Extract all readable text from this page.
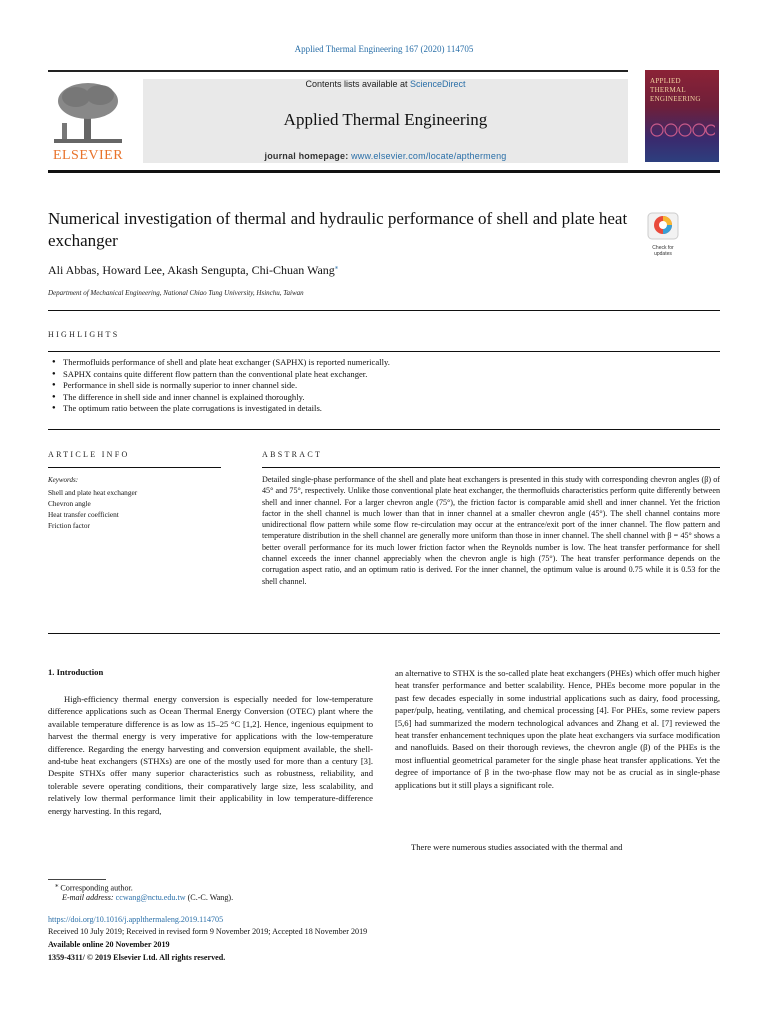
Applied Thermal Engineering 167 (2020) 114705
ELSEVIER
Contents lists available at ScienceDirect
Applied Thermal Engineering
journal homepage: www.elsevier.com/locate/apthermeng
APPLIED
THERMAL
ENGINEERING
Numerical investigation of thermal and hydraulic performance of shell and plate heat exchanger	Check for updates
Ali Abbas, Howard Lee, Akash Sengupta, Chi-Chuan Wang⁎
Department of Mechanical Engineering, National Chiao Tung University, Hsinchu, Taiwan
HIGHLIGHTS
● Thermofluids performance of shell and plate heat exchanger (SAPHX) is reported numerically.
● SAPHX contains quite different flow pattern than the conventional plate heat exchanger.
● Performance in shell side is normally superior to inner channel side.
● The difference in shell side and inner channel is explained thoroughly.
● The optimum ratio between the plate corrugations is investigated in details.
ARTICLE INFO
Keywords:
Shell and plate heat exchanger
Chevron angle
Heat transfer coefficient
Friction factor
ABSTRACT

Detailed single-phase performance of the shell and plate heat exchangers is presented in this study with corresponding chevron angles (β) of 45° and 75°, respectively. Unlike those conventional plate heat exchanger, the thermofluids characteristics perform quite differently between shell and inner channel. For a larger chevron angle (75°), the friction factor is comparable amid shell and inner channel. Yet the friction factor in the shell channel is much lower than that in inner channel at a smaller chevron angle (45°). The shell channel contains more unidirectional flow pattern while some flow re-circulation may occur at the entrance/exit port of the inner channel. The flow pattern and temperature distribution in the shell channel are generally more uniform than those in inner channel. The shell channel with β = 45° shows a better overall performance for its much lower friction factor when the Reynolds number is low. The heat transfer performance for shell channel exceeds the inner channel appreciably when the chevron angle is high (75°). The heat transfer performance depends on the corrugation aspect ratio, and an optimum ratio is derived. For the inner channel, the optimum value is around 0.75 while it is 0.53 for the shell channel.

1. Introduction

High-efficiency thermal energy conversion is especially needed for low-temperature difference applications such as Ocean Thermal Energy Conversion (OTEC) plant where the available temperature difference is as low as 15–25 °C [1,2]. Hence, ingenious equipment to harvest the thermal energy is very imperative for applications with the low-temperature difference. Regarding the energy harvesting and conversion equipment available, the shell-and-tube heat exchangers (STHXs) are one of the mostly used for more than a century [3]. Despite STHXs offer many superior characteristics such as robustness, reliability, and tolerable severe operating conditions, their comparatively large size, less scalability, and relatively low thermal performance limit their applicability in low temperature-difference energy harvesting. In this regard,

an alternative to STHX is the so-called plate heat exchangers (PHEs) which offer much higher heat transfer performance and better scalability. Hence, PHEs become more popular in the past few decades especially in some industrial applications such as dairy, food processing, paper/pulp, heating, ventilating, and chemical processing [4]. For PHEs, some review papers [5,6] had summarized the modern technological advances and Zhang et al. [7] reviewed the heat transfer enhancement techniques upon the plate heat exchangers via surface modification and nanofluids. Based on their thorough reviews, the chevron angle (β) of the PHEs is the most influential geometrical parameter for the single phase heat transfer applications. Yet the degree of importance of β in the two-phase flow may not be as crucial as in single-phase applications but it still plays a significant role.

There were numerous studies associated with the thermal and

⁎ Corresponding author.
E-mail address: ccwang@nctu.edu.tw (C.-C. Wang).
https://doi.org/10.1016/j.applthermaleng.2019.114705
Received 10 July 2019; Received in revised form 9 November 2019; Accepted 18 November 2019
Available online 20 November 2019
1359-4311/ © 2019 Elsevier Ltd. All rights reserved.
